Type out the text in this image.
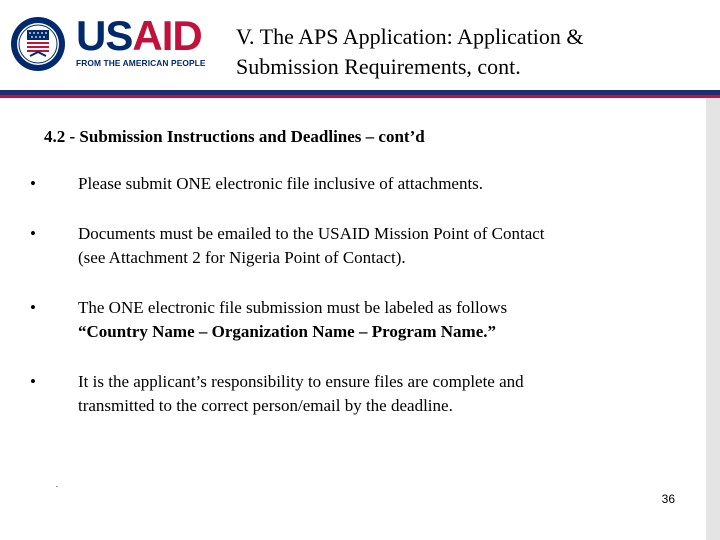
USAID
FROM THE AMERICAN PEOPLE
V. The APS Application: Application &
Submission Requirements, cont.
4.2 - Submission Instructions and Deadlines – cont’d
•	Please submit ONE electronic file inclusive of attachments.
•	Documents must be emailed to the USAID Mission Point of Contact
(see Attachment 2 for Nigeria Point of Contact).
•	The ONE electronic file submission must be labeled as follows
“Country Name – Organization Name – Program Name.”
•	It is the applicant’s responsibility to ensure files are complete and
transmitted to the correct person/email by the deadline.
.
36
